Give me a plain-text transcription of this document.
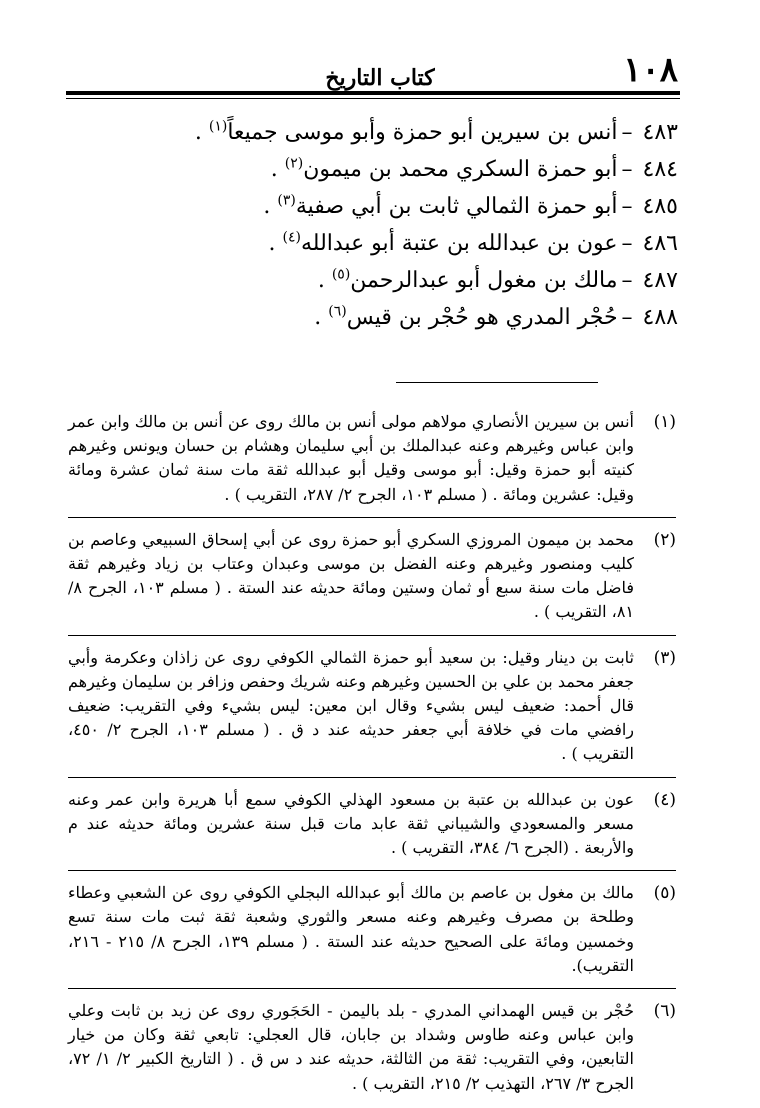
١٠٨
كتاب التاريخ
٤٨٣–أنس بن سيرين أبو حمزة وأبو موسى جميعاً$^{(١)}$ .
٤٨٤–أبو حمزة السكري محمد بن ميمون$^{(٢)}$ .
٤٨٥–أبو حمزة الثمالي ثابت بن أبي صفية$^{(٣)}$ .
٤٨٦–عون بن عبدالله بن عتبة أبو عبدالله$^{(٤)}$ .
٤٨٧–مالك بن مغول أبو عبدالرحمن$^{(٥)}$ .
٤٨٨–حُجْر المدري هو حُجْر بن قيس$^{(٦)}$ .
(١)
أنس بن سيرين الأنصاري مولاهم مولى أنس بن مالك روى عن أنس بن مالك وابن عمر وابن عباس وغيرهم وعنه عبدالملك بن أبي سليمان وهشام بن حسان ويونس وغيرهم كنيته أبو حمزة وقيل: أبو موسى وقيل أبو عبدالله ثقة مات سنة ثمان عشرة ومائة وقيل: عشرين ومائة . ( مسلم ١٠٣، الجرح ٢/ ٢٨٧، التقريب ) .
(٢)
محمد بن ميمون المروزي السكري أبو حمزة روى عن أبي إسحاق السبيعي وعاصم بن كليب ومنصور وغيرهم وعنه الفضل بن موسى وعبدان وعتاب بن زياد وغيرهم ثقة فاضل مات سنة سبع أو ثمان وستين ومائة حديثه عند الستة . ( مسلم ١٠٣، الجرح ٨/ ٨١، التقريب ) .
(٣)
ثابت بن دينار وقيل: بن سعيد أبو حمزة الثمالي الكوفي روى عن زاذان وعكرمة وأبي جعفر محمد بن علي بن الحسين وغيرهم وعنه شريك وحفص وزافر بن سليمان وغيرهم قال أحمد: ضعيف ليس بشيء وقال ابن معين: ليس بشيء وفي التقريب: ضعيف رافضي مات في خلافة أبي جعفر حديثه عند د ق . ( مسلم ١٠٣، الجرح ٢/ ٤٥٠، التقريب ) .
(٤)
عون بن عبدالله بن عتبة بن مسعود الهذلي الكوفي سمع أبا هريرة وابن عمر وعنه مسعر والمسعودي والشيباني ثقة عابد مات قبل سنة عشرين ومائة حديثه عند م والأربعة . (الجرح ٦/ ٣٨٤، التقريب ) .
(٥)
مالك بن مغول بن عاصم بن مالك أبو عبدالله البجلي الكوفي روى عن الشعبي وعطاء وطلحة بن مصرف وغيرهم وعنه مسعر والثوري وشعبة ثقة ثبت مات سنة تسع وخمسين ومائة على الصحيح حديثه عند الستة . ( مسلم ١٣٩، الجرح ٨/ ٢١٥ - ٢١٦، التقريب).
(٦)
حُجْر بن قيس الهمداني المدري - بلد باليمن - الحَجَوري روى عن زيد بن ثابت وعلي وابن عباس وعنه طاوس وشداد بن جابان، قال العجلي: تابعي ثقة وكان من خيار التابعين، وفي التقريب: ثقة من الثالثة، حديثه عند د س ق . ( التاريخ الكبير ٢/ ١/ ٧٢، الجرح ٣/ ٢٦٧، التهذيب ٢/ ٢١٥، التقريب ) .
